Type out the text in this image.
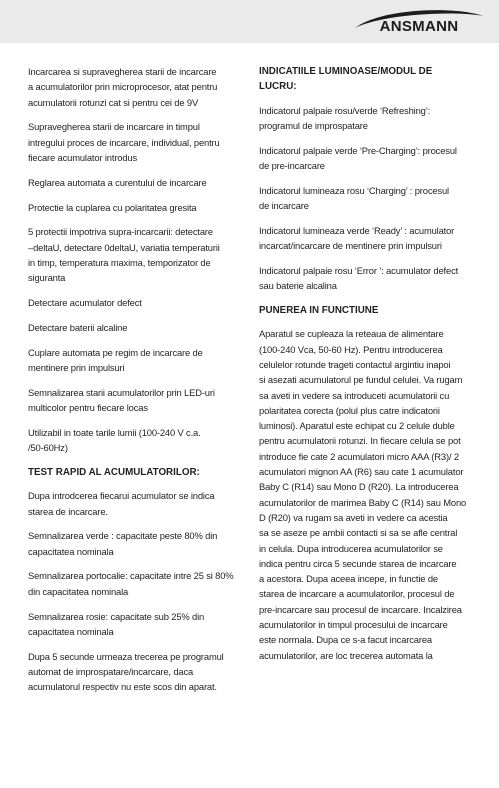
ANSMANN
Incarcarea si supravegherea starii de incarcare
a acumulatorilor prin microprocesor, atat pentru
acumulatorii rotunzi cat si pentru cei de 9V
Supravegherea starii de incarcare in timpul
intregului proces de incarcare, individual, pentru
fiecare acumulator introdus
Reglarea automata a curentului de incarcare
Protectie la cuplarea cu polaritatea gresita
5 protectii impotriva supra-incarcarii: detectare
–deltaU, detectare 0deltaU, variatia temperaturii
in timp, temperatura maxima, temporizator de
siguranta
Detectare acumulator defect
Detectare baterii alcaline
Cuplare automata pe regim de incarcare de
mentinere prin impulsuri
Semnalizarea starii acumulatorilor prin LED-uri
multicolor pentru fiecare locas
Utilizabil in toate tarile lumii (100-240 V c.a.
/50-60Hz)
TEST RAPID AL ACUMULATORILOR:
Dupa introdcerea fiecarui acumulator se indica
starea de incarcare.
Semnalizarea verde : capacitate peste 80% din
capacitatea nominala
Semnalizarea portocalie: capacitate intre 25 si 80%
din capacitatea nominala
Semnalizarea rosie: capacitate sub 25% din
capacitatea nominala
Dupa 5 secunde urmeaza trecerea pe programul
automat de improspatare/incarcare, daca
acumulatorul respectiv nu este scos din aparat.
INDICATIILE LUMINOASE/MODUL DE
LUCRU:
Indicatorul palpaie rosu/verde ‘Refreshing’:
programul de improspatare
Indicatorul palpaie verde ‘Pre-Charging’: procesul
de pre-incarcare
Indicatorul lumineaza rosu ‘Charging’ : procesul
de incarcare
Indicatorul lumineaza verde ‘Ready’ : acumulator
incarcat/incarcare de mentinere prin impulsuri
Indicatorul palpaie rosu ‘Error ’: acumulator defect
sau baterie alcalina
PUNEREA IN FUNCTIUNE
Aparatul se cupleaza la reteaua de alimentare
(100-240 Vca, 50-60 Hz). Pentru introducerea
celulelor rotunde trageti contactul argintiu inapoi
si asezati acumulatorul pe fundul celulei. Va rugam
sa aveti in vedere sa introduceti acumulatorii cu
polaritatea corecta (polul plus catre indicatorii
luminosi). Aparatul este echipat cu 2 celule duble
pentru acumulatorii rotunzi. In fiecare celula se pot
introduce fie cate 2 acumulatori micro AAA (R3)/ 2
acumulatori mignon AA (R6) sau cate 1 acumulator
Baby C (R14) sau Mono D (R20). La introducerea
acumulatorilor de marimea Baby C (R14) sau Mono
D (R20) va rugam sa aveti in vedere ca acestia
sa se aseze pe ambii contacti si sa se afle central
in celula. Dupa introducerea acumulatorilor se
indica pentru circa 5 secunde starea de incarcare
a acestora. Dupa aceea incepe, in functie de
starea de incarcare a acumulatorilor, procesul de
pre-incarcare sau procesul de incarcare. Incalzirea
acumulatorilor in timpul procesului de incarcare
este normala. Dupa ce s-a facut incarcarea
acumulatorilor, are loc trecerea automata la
